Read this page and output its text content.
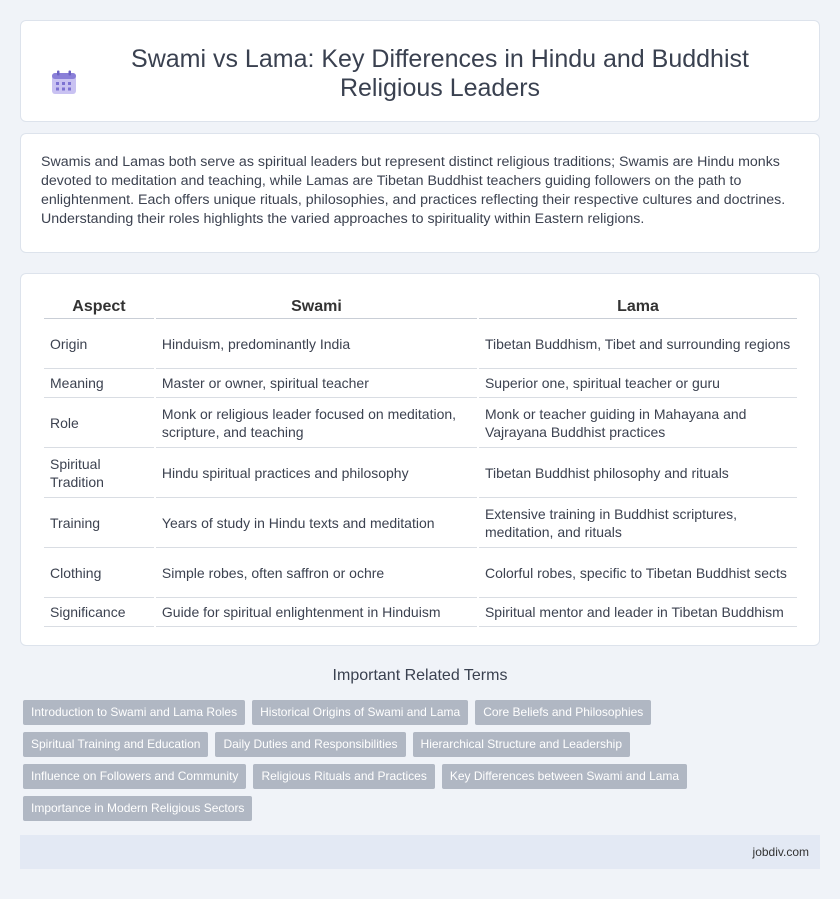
Swami vs Lama: Key Differences in Hindu and Buddhist Religious Leaders

Swamis and Lamas both serve as spiritual leaders but represent distinct religious traditions; Swamis are Hindu monks devoted to meditation and teaching, while Lamas are Tibetan Buddhist teachers guiding followers on the path to enlightenment. Each offers unique rituals, philosophies, and practices reflecting their respective cultures and doctrines. Understanding their roles highlights the varied approaches to spirituality within Eastern religions.

Aspect	Swami	Lama
Origin	Hinduism, predominantly India	Tibetan Buddhism, Tibet and surrounding regions
Meaning	Master or owner, spiritual teacher	Superior one, spiritual teacher or guru
Role	Monk or religious leader focused on meditation, scripture, and teaching	Monk or teacher guiding in Mahayana and Vajrayana Buddhist practices
Spiritual Tradition	Hindu spiritual practices and philosophy	Tibetan Buddhist philosophy and rituals
Training	Years of study in Hindu texts and meditation	Extensive training in Buddhist scriptures, meditation, and rituals
Clothing	Simple robes, often saffron or ochre	Colorful robes, specific to Tibetan Buddhist sects
Significance	Guide for spiritual enlightenment in Hinduism	Spiritual mentor and leader in Tibetan Buddhism
Important Related Terms
Introduction to Swami and Lama Roles	Historical Origins of Swami and Lama	Core Beliefs and Philosophies
Spiritual Training and Education	Daily Duties and Responsibilities	Hierarchical Structure and Leadership
Influence on Followers and Community	Religious Rituals and Practices	Key Differences between Swami and Lama
Importance in Modern Religious Sectors
jobdiv.com
